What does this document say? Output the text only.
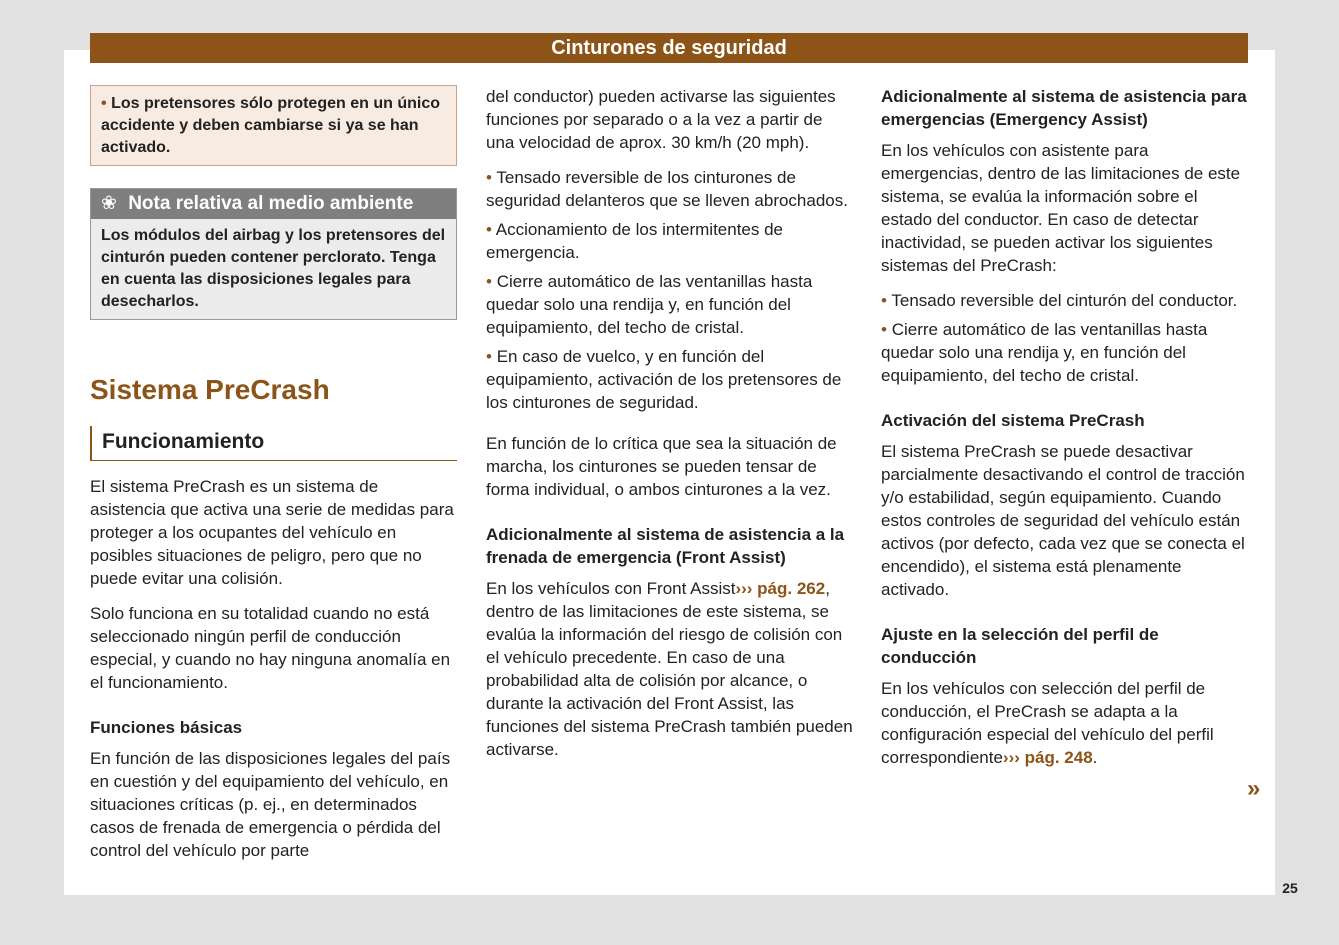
Cinturones de seguridad
• Los pretensores sólo protegen en un único accidente y deben cambiarse si ya se han activado.
❀ Nota relativa al medio ambiente
Los módulos del airbag y los pretensores del cinturón pueden contener perclorato. Tenga en cuenta las disposiciones legales para desecharlos.
Sistema PreCrash
Funcionamiento

El sistema PreCrash es un sistema de asistencia que activa una serie de medidas para proteger a los ocupantes del vehículo en posibles situaciones de peligro, pero que no puede evitar una colisión.

Solo funciona en su totalidad cuando no está seleccionado ningún perfil de conducción especial, y cuando no hay ninguna anomalía en el funcionamiento.

Funciones básicas

En función de las disposiciones legales del país en cuestión y del equipamiento del vehículo, en situaciones críticas (p. ej., en determinados casos de frenada de emergencia o pérdida del control del vehículo por parte

del conductor) pueden activarse las siguientes funciones por separado o a la vez a partir de una velocidad de aprox. 30 km/h (20 mph).

• Tensado reversible de los cinturones de seguridad delanteros que se lleven abrochados.
• Accionamiento de los intermitentes de emergencia.
• Cierre automático de las ventanillas hasta quedar solo una rendija y, en función del equipamiento, del techo de cristal.
• En caso de vuelco, y en función del equipamiento, activación de los pretensores de los cinturones de seguridad.

En función de lo crítica que sea la situación de marcha, los cinturones se pueden tensar de forma individual, o ambos cinturones a la vez.

Adicionalmente al sistema de asistencia a la frenada de emergencia (Front Assist)

En los vehículos con Front Assist››› pág. 262, dentro de las limitaciones de este sistema, se evalúa la información del riesgo de colisión con el vehículo precedente. En caso de una probabilidad alta de colisión por alcance, o durante la activación del Front Assist, las funciones del sistema PreCrash también pueden activarse.

Adicionalmente al sistema de asistencia para emergencias (Emergency Assist)

En los vehículos con asistente para emergencias, dentro de las limitaciones de este sistema, se evalúa la información sobre el estado del conductor. En caso de detectar inactividad, se pueden activar los siguientes sistemas del PreCrash:

• Tensado reversible del cinturón del conductor.
• Cierre automático de las ventanillas hasta quedar solo una rendija y, en función del equipamiento, del techo de cristal.
Activación del sistema PreCrash

El sistema PreCrash se puede desactivar parcialmente desactivando el control de tracción y/o estabilidad, según equipamiento. Cuando estos controles de seguridad del vehículo están activos (por defecto, cada vez que se conecta el encendido), el sistema está plenamente activado.

Ajuste en la selección del perfil de conducción

En los vehículos con selección del perfil de conducción, el PreCrash se adapta a la configuración especial del vehículo del perfil correspondiente››› pág. 248.

»
25
